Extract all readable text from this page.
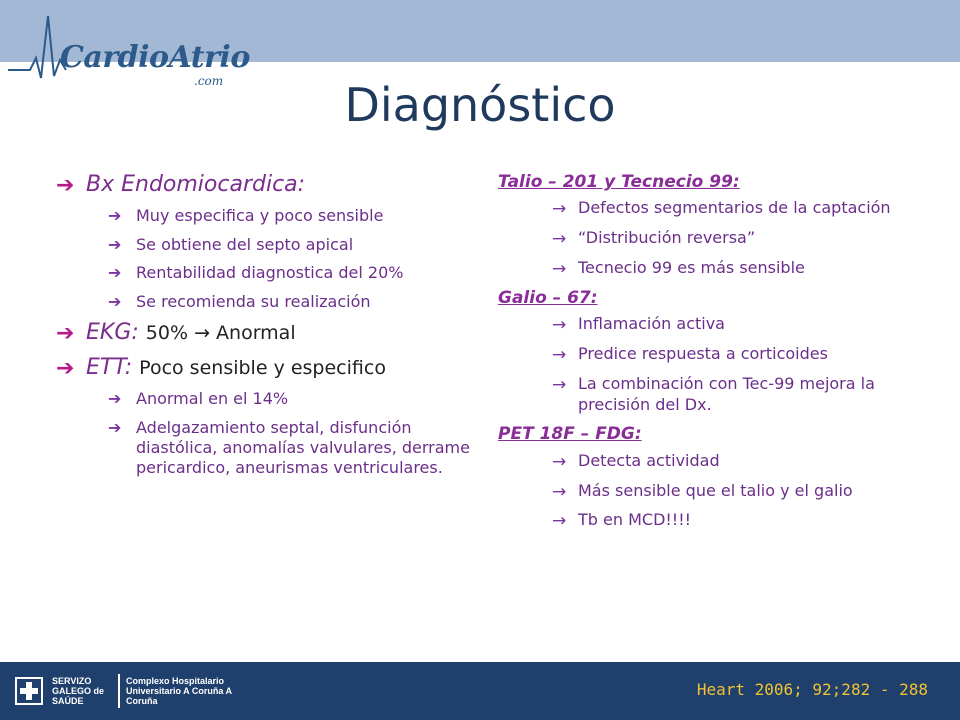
CardioAtrio
.com	Diagnóstico
➔ Bx Endomiocardica:
➔ Muy especifica y poco sensible
➔ Se obtiene del septo apical
➔ Rentabilidad diagnostica del 20%
➔ Se recomienda su realización
➔ EKG: 50% → Anormal
➔ ETT: Poco sensible y especifico
➔ Anormal en el 14%
➔ Adelgazamiento septal, disfunción diastólica, anomalías valvulares, derrame pericardico, aneurismas ventriculares.
Talio – 201 y Tecnecio 99:
→ Defectos segmentarios de la captación
→ “Distribución reversa”
→ Tecnecio 99 es más sensible
Galio – 67:
→ Inflamación activa
→ Predice respuesta a corticoides
→ La combinación con Tec-99 mejora la precisión del Dx.
PET 18F – FDG:
→ Detecta actividad
→ Más sensible que el talio y el galio
→ Tb en MCD!!!!
SERVIZO GALEGO de SAÚDE
Complexo Hospitalario Universitario A Coruña A Coruña
Heart 2006; 92;282 - 288
